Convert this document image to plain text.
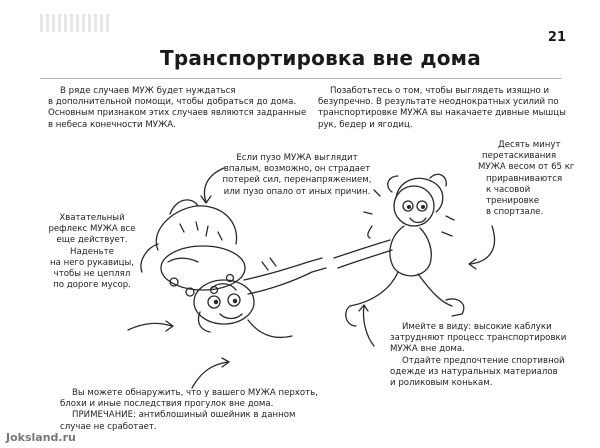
21
Транспортировка вне дома

В ряде случаев МУЖ будет нуждаться

в дополнительной помощи, чтобы добраться до дома.

Основным признаком этих случаев являются задранные

в небеса конечности МУЖА.

Позаботьтесь о том, чтобы выглядеть изящно и

безупречно. В результате неоднократных усилий по

транспортировке МУЖА вы накачаете дивные мышцы

рук, бедер и ягодиц.

Если пузо МУЖА выглядит

впалым, возможно, он страдает

потерей сил, перенапряжением,

или пузо опало от иных причин.

Десять минут

перетаскивания

МУЖА весом от 65 кг

приравниваются

к часовой

тренировке

в спортзале.

Хватательный

рефлекс МУЖА все

еще действует.

Наденьте

на него рукавицы,

чтобы не цеплял

по дороге мусор.

Имейте в виду: высокие каблуки

затрудняют процесс транспортировки

МУЖА вне дома.

Отдайте предпочтение спортивной

одежде из натуральных материалов

и роликовым конькам.

Вы можете обнаружить, что у вашего МУЖА перхоть,

блохи и иные последствия прогулок вне дома.

ПРИМЕЧАНИЕ: антиблошиный ошейник в данном

случае не сработает.

Joksland.ru
